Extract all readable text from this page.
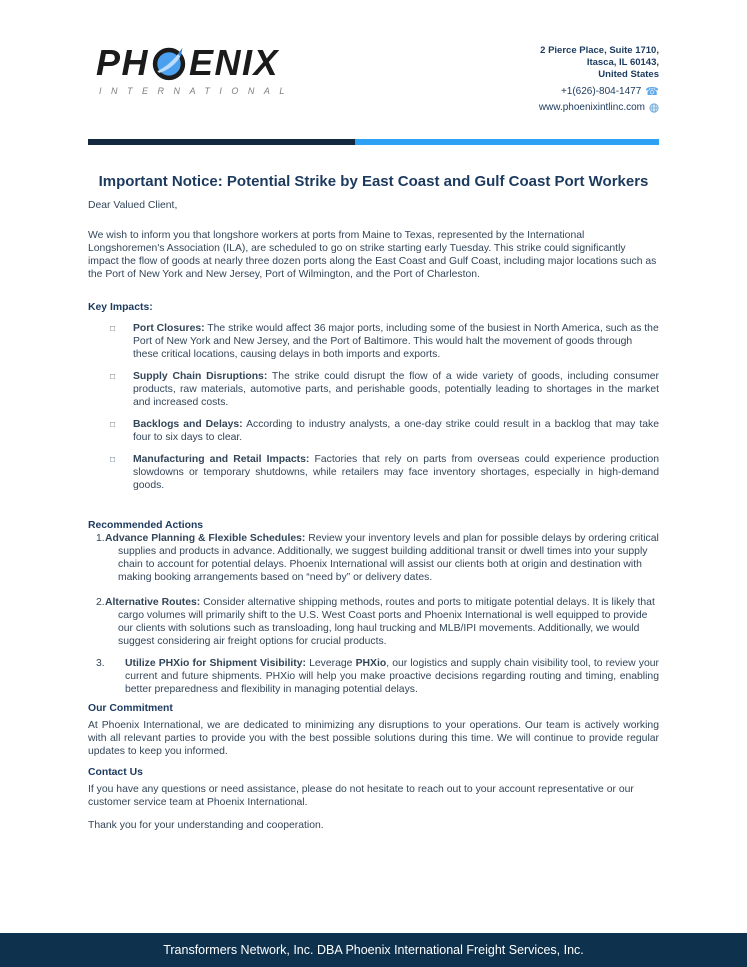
PH ENIX
INTERNATIONAL
2 Pierce Place, Suite 1710,
Itasca, IL 60143,
United States
+1(626)-804-1477 ☎
www.phoenixintlinc.com
Important Notice: Potential Strike by East Coast and Gulf Coast Port Workers

Dear Valued Client,

We wish to inform you that longshore workers at ports from Maine to Texas, represented by the International Longshoremen's Association (ILA), are scheduled to go on strike starting early Tuesday. This strike could significantly impact the flow of goods at nearly three dozen ports along the East Coast and Gulf Coast, including major locations such as the Port of New York and New Jersey, Port of Wilmington, and the Port of Charleston.

Key Impacts:
□	Port Closures: The strike would affect 36 major ports, including some of the busiest in North America, such as the Port of New York and New Jersey, and the Port of Baltimore. This would halt the movement of goods through these critical locations, causing delays in both imports and exports.

□	Supply Chain Disruptions: The strike could disrupt the flow of a wide variety of goods, including consumer products, raw materials, automotive parts, and perishable goods, potentially leading to shortages in the market and increased costs.

□	Backlogs and Delays: According to industry analysts, a one-day strike could result in a backlog that may take four to six days to clear.

□	Manufacturing and Retail Impacts: Factories that rely on parts from overseas could experience production slowdowns or temporary shutdowns, while retailers may face inventory shortages, especially in high-demand goods.

Recommended Actions

1.Advance Planning & Flexible Schedules: Review your inventory levels and plan for possible delays by ordering critical supplies and products in advance. Additionally, we suggest building additional transit or dwell times into your supply chain to account for potential delays. Phoenix International will assist our clients both at origin and destination with making booking arrangements based on “need by” or delivery dates.

2.Alternative Routes: Consider alternative shipping methods, routes and ports to mitigate potential delays. It is likely that cargo volumes will primarily shift to the U.S. West Coast ports and Phoenix International is well equipped to provide our clients with solutions such as transloading, long haul trucking and MLB/IPI movements. Additionally, we would suggest considering air freight options for crucial products.

3. Utilize PHXio for Shipment Visibility: Leverage PHXio, our logistics and supply chain visibility tool, to review your current and future shipments. PHXio will help you make proactive decisions regarding routing and timing, enabling better preparedness and flexibility in managing potential delays.

Our Commitment

At Phoenix International, we are dedicated to minimizing any disruptions to your operations. Our team is actively working with all relevant parties to provide you with the best possible solutions during this time. We will continue to provide regular updates to keep you informed.

Contact Us

If you have any questions or need assistance, please do not hesitate to reach out to your account representative or our customer service team at Phoenix International.

Thank you for your understanding and cooperation.

Transformers Network, Inc. DBA Phoenix International Freight Services, Inc.
